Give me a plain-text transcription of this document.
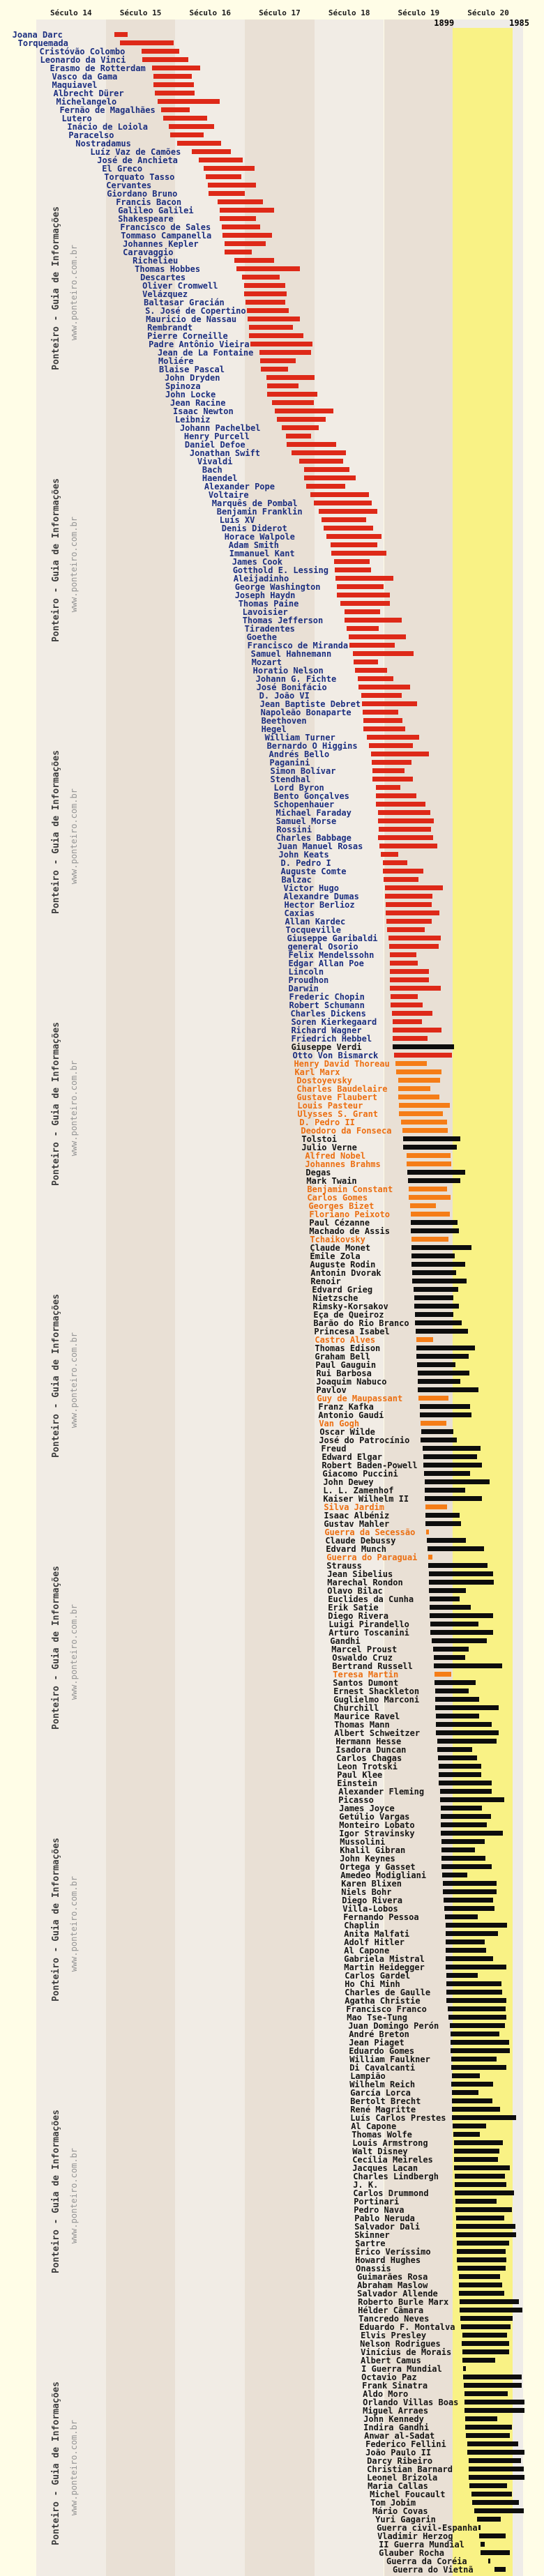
Século 14	Século 15	Século 16	Século 17	Século 18	Século 19	Século 20
1899	1985
Ponteiro - Guia de Informações www.ponteiro.com.br
Ponteiro - Guia de Informações www.ponteiro.com.br
Ponteiro - Guia de Informações www.ponteiro.com.br
Ponteiro - Guia de Informações www.ponteiro.com.br
Ponteiro - Guia de Informações www.ponteiro.com.br
Ponteiro - Guia de Informações www.ponteiro.com.br
Ponteiro - Guia de Informações www.ponteiro.com.br
Ponteiro - Guia de Informações www.ponteiro.com.br
Ponteiro - Guia de Informações www.ponteiro.com.br
Joana Darc
Torquemada
Cristóvão Colombo
Leonardo da Vinci
Erasmo de Rotterdam
Vasco da Gama
Maquiavel
Albrecht Dürer
Michelangelo
Fernão de Magalhães
Lutero
Inácio de Loiola
Paracelso
Nostradamus
Luíz Vaz de Camões
José de Anchieta
El Greco
Torquato Tasso
Cervantes
Giordano Bruno
Francis Bacon
Galileo Galilei
Shakespeare
Francisco de Sales
Tommaso Campanella
Johannes Kepler
Caravaggio
Richelieu
Thomas Hobbes
Descartes
Oliver Cromwell
Velázquez
Baltasar Gracián
S. José de Copertino
Mauricio de Nassau
Rembrandt
Pierre Corneille
Padre Antônio Vieira
Jean de La Fontaine
Moliére
Blaise Pascal
John Dryden
Spinoza
John Locke
Jean Racine
Isaac Newton
Leibniz
Johann Pachelbel
Henry Purcell
Daniel Defoe
Jonathan Swift
Vivaldi
Bach
Haendel
Alexander Pope
Voltaire
Marquês de Pombal
Benjamin Franklin
Luís XV
Denis Diderot
Horace Walpole
Adam Smith
Immanuel Kant
James Cook
Gotthold E. Lessing
Aleijadinho
George Washington
Joseph Haydn
Thomas Paine
Lavoisier
Thomas Jefferson
Tiradentes
Goethe
Francisco de Miranda
Samuel Hahnemann
Mozart
Horatio Nelson
Johann G. Fichte
José Bonifácio
D. João VI
Jean Baptiste Debret
Napoleão Bonaparte
Beethoven
Hegel
William Turner
Bernardo O Higgins
Andrés Bello
Paganini
Simon Bolívar
Stendhal
Lord Byron
Bento Gonçalves
Schopenhauer
Michael Faraday
Samuel Morse
Rossini
Charles Babbage
Juan Manuel Rosas
John Keats
D. Pedro I
Auguste Comte
Balzac
Victor Hugo
Alexandre Dumas
Hector Berlioz
Caxias
Allan Kardec
Tocqueville
Giuseppe Garibaldi
general Osorio
Felix Mendelssohn
Edgar Allan Poe
Lincoln
Proudhon
Darwin
Frederic Chopin
Robert Schumann
Charles Dickens
Soren Kierkegaard
Richard Wagner
Friedrich Hebbel
Giuseppe Verdi
Otto Von Bismarck
Henry David Thoreau
Karl Marx
Dostoyevsky
Charles Baudelaire
Gustave Flaubert
Louis Pasteur
Ulysses S. Grant
D. Pedro II
Deodoro da Fonseca
Tolstoi
Julio Verne
Alfred Nobel
Johannes Brahms
Degas
Mark Twain
Benjamin Constant
Carlos Gomes
Georges Bizet
Floriano Peixoto
Paul Cézanne
Machado de Assis
Tchaikovsky
Claude Monet
Émile Zola
Auguste Rodin
Antonin Dvorak
Renoir
Edvard Grieg
Nietzsche
Rimsky-Korsakov
Eça de Queiroz
Barão do Rio Branco
Princesa Isabel
Castro Alves
Thomas Edison
Graham Bell
Paul Gauguin
Rui Barbosa
Joaquim Nabuco
Pavlov
Guy de Maupassant
Franz Kafka
Antonio Gaudí
Van Gogh
Oscar Wilde
José do Patrocínio
Freud
Edward Elgar
Robert Baden-Powell
Giacomo Puccini
John Dewey
L. L. Zamenhof
Kaiser Wilhelm II
Silva Jardim
Isaac Albéniz
Gustav Mahler
Guerra da Secessão
Claude Debussy
Edvard Munch
Guerra do Paraguai
Strauss
Jean Sibelius
Marechal Rondon
Olavo Bilac
Euclides da Cunha
Erik Satie
Diego Rivera
Luigi Pirandello
Arturo Toscanini
Gandhi
Marcel Proust
Oswaldo Cruz
Bertrand Russell
Teresa Martin
Santos Dumont
Ernest Shackleton
Guglielmo Marconi
Churchill
Maurice Ravel
Thomas Mann
Albert Schweitzer
Hermann Hesse
Isadora Duncan
Carlos Chagas
Leon Trotski
Paul Klee
Einstein
Alexander Fleming
Picasso
James Joyce
Getúlio Vargas
Monteiro Lobato
Igor Stravinsky
Mussolini
Khalil Gibran
John Keynes
Ortega y Gasset
Amedeo Modigliani
Karen Blixen
Niels Bohr
Diego Rivera
Villa-Lobos
Fernando Pessoa
Chaplin
Anita Malfati
Adolf Hitler
Al Capone
Gabriela Mistral
Martin Heidegger
Carlos Gardel
Ho Chi Minh
Charles de Gaulle
Agatha Christie
Francisco Franco
Mao Tse-Tung
Juan Domingo Perón
André Breton
Jean Piaget
Eduardo Gomes
William Faulkner
Di Cavalcanti
Lampião
Wilhelm Reich
García Lorca
Bertolt Brecht
René Magritte
Luís Carlos Prestes
Al Capone
Thomas Wolfe
Louis Armstrong
Walt Disney
Cecília Meireles
Jacques Lacan
Charles Lindbergh
J. K.
Carlos Drummond
Portinari
Pedro Nava
Pablo Neruda
Salvador Dali
Skinner
Sartre
Érico Veríssimo
Howard Hughes
Onassis
Guimarães Rosa
Abraham Maslow
Salvador Allende
Roberto Burle Marx
Hélder Câmara
Tancredo Neves
Eduardo F. Montalva
Elvis Presley
Nelson Rodrigues
Vinícius de Morais
Albert Camus
I Guerra Mundial
Octavio Paz
Frank Sinatra
Aldo Moro
Orlando Villas Boas
Miguel Arraes
John Kennedy
Indira Gandhi
Anwar al-Sadat
Federico Fellini
João Paulo II
Darcy Ribeiro
Christian Barnard
Leonel Brizola
Maria Callas
Michel Foucault
Tom Jobim
Mário Covas
Yuri Gagarin
Guerra civil-Espanha
Vladimir Herzog
II Guerra Mundial
Glauber Rocha
Guerra da Coréia
Guerra do Vietnã
